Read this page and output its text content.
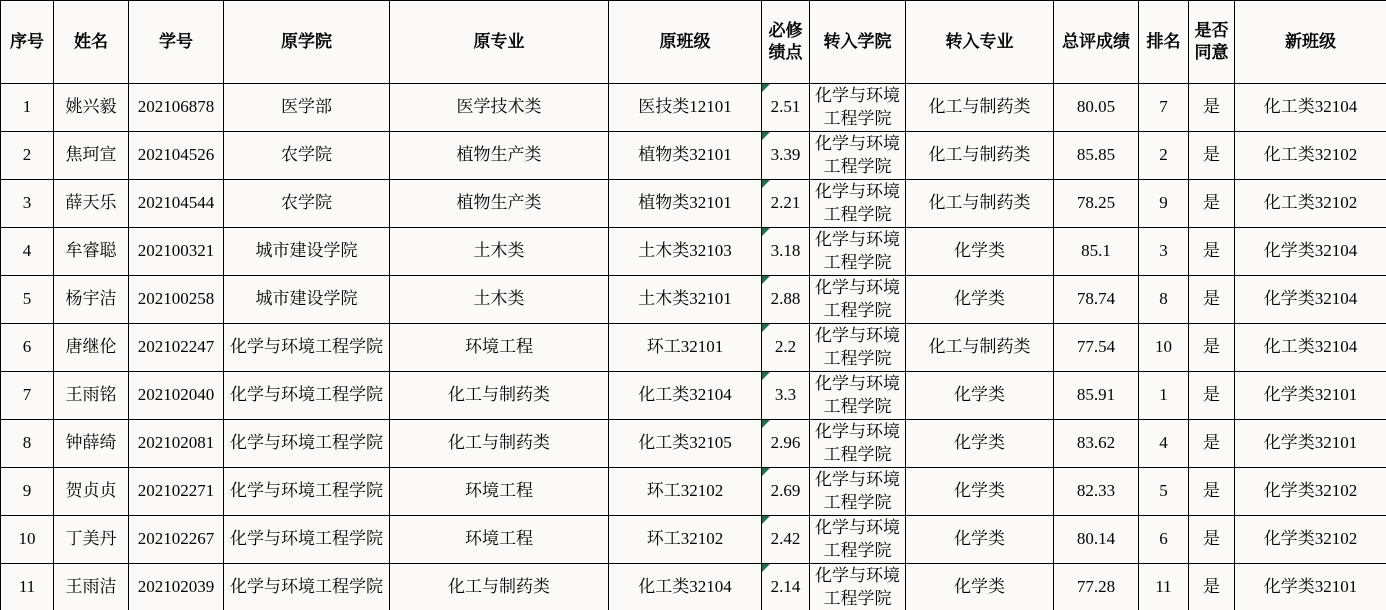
序号	姓名	学号	原学院	原专业	原班级	必修绩点	转入学院	转入专业	总评成绩	排名	是否同意	新班级
1	姚兴毅	202106878	医学部	医学技术类	医技类12101	2.51	化学与环境工程学院	化工与制药类	80.05	7	是	化工类32104
2	焦珂宣	202104526	农学院	植物生产类	植物类32101	3.39	化学与环境工程学院	化工与制药类	85.85	2	是	化工类32102
3	薛天乐	202104544	农学院	植物生产类	植物类32101	2.21	化学与环境工程学院	化工与制药类	78.25	9	是	化工类32102
4	牟睿聪	202100321	城市建设学院	土木类	土木类32103	3.18	化学与环境工程学院	化学类	85.1	3	是	化学类32104
5	杨宇洁	202100258	城市建设学院	土木类	土木类32101	2.88	化学与环境工程学院	化学类	78.74	8	是	化学类32104
6	唐继伦	202102247	化学与环境工程学院	环境工程	环工32101	2.2	化学与环境工程学院	化工与制药类	77.54	10	是	化工类32104
7	王雨铭	202102040	化学与环境工程学院	化工与制药类	化工类32104	3.3	化学与环境工程学院	化学类	85.91	1	是	化学类32101
8	钟薛绮	202102081	化学与环境工程学院	化工与制药类	化工类32105	2.96	化学与环境工程学院	化学类	83.62	4	是	化学类32101
9	贺贞贞	202102271	化学与环境工程学院	环境工程	环工32102	2.69	化学与环境工程学院	化学类	82.33	5	是	化学类32102
10	丁美丹	202102267	化学与环境工程学院	环境工程	环工32102	2.42	化学与环境工程学院	化学类	80.14	6	是	化学类32102
11	王雨洁	202102039	化学与环境工程学院	化工与制药类	化工类32104	2.14	化学与环境工程学院	化学类	77.28	11	是	化学类32101
